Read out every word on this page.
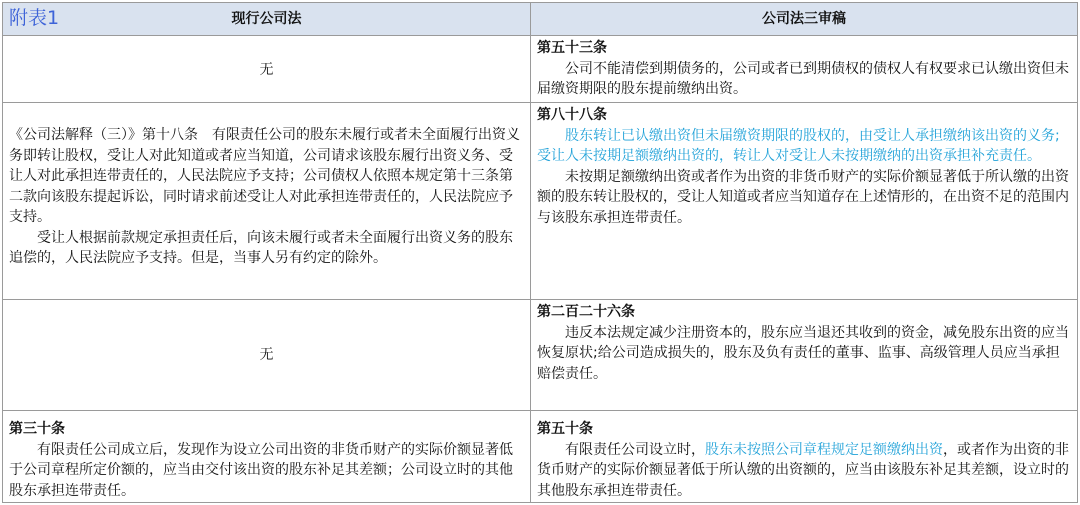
附表1	现行公司法	公司法三审稿
无
第五十三条
公司不能清偿到期债务的，公司或者已到期债权的债权人有权要求已认缴出资但未届缴资期限的股东提前缴纳出资。
《公司法解释（三）》第十八条　有限责任公司的股东未履行或者未全面履行出资义务即转让股权，受让人对此知道或者应当知道，公司请求该股东履行出资义务、受让人对此承担连带责任的，人民法院应予支持；公司债权人依照本规定第十三条第二款向该股东提起诉讼，同时请求前述受让人对此承担连带责任的，人民法院应予支持。
受让人根据前款规定承担责任后，向该未履行或者未全面履行出资义务的股东追偿的，人民法院应予支持。但是，当事人另有约定的除外。
第八十八条
股东转让已认缴出资但未届缴资期限的股权的，由受让人承担缴纳该出资的义务;受让人未按期足额缴纳出资的，转让人对受让人未按期缴纳的出资承担补充责任。
未按期足额缴纳出资或者作为出资的非货币财产的实际价额显著低于所认缴的出资额的股东转让股权的，受让人知道或者应当知道存在上述情形的，在出资不足的范围内与该股东承担连带责任。
无
第二百二十六条
违反本法规定减少注册资本的，股东应当退还其收到的资金，减免股东出资的应当恢复原状;给公司造成损失的，股东及负有责任的董事、监事、高级管理人员应当承担赔偿责任。
第三十条
有限责任公司成立后，发现作为设立公司出资的非货币财产的实际价额显著低于公司章程所定价额的，应当由交付该出资的股东补足其差额；公司设立时的其他股东承担连带责任。
第五十条
有限责任公司设立时，股东未按照公司章程规定足额缴纳出资，或者作为出资的非货币财产的实际价额显著低于所认缴的出资额的，应当由该股东补足其差额，设立时的其他股东承担连带责任。
